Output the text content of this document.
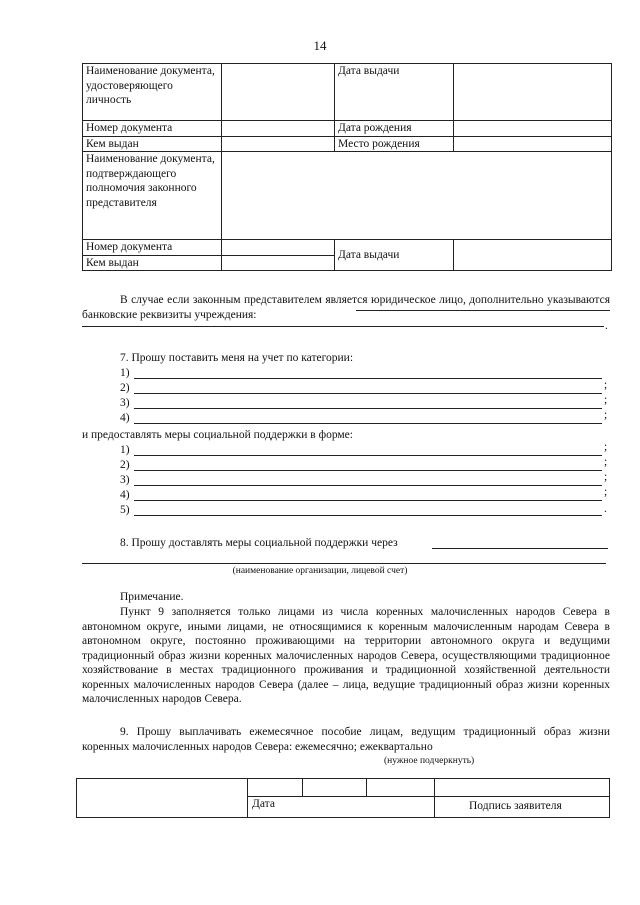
14
Наименование документа, удостоверяющего личность		Дата выдачи	
Номер документа		Дата рождения	
Кем выдан		Место рождения	
Наименование документа, подтверждающего полномочия законного представителя			
Номер документа		Дата выдачи	
Кем выдан			
В случае если законным представителем является юридическое лицо, дополнительно указываются банковские реквизиты учреждения:
.
7. Прошу поставить меня на учет по категории:
1)
2)	;
3)	;
4)	;
и предоставлять меры социальной поддержки в форме:
1)	;
2)	;
3)	;
4)	;
5)	.
8. Прошу доставлять меры социальной поддержки через
(наименование организации, лицевой счет)
Примечание.
Пункт 9 заполняется только лицами из числа коренных малочисленных народов Севера в автономном округе, иными лицами, не относящимися к коренным малочисленным народам Севера в автономном округе, постоянно проживающими на территории автономного округа и ведущими традиционный образ жизни коренных малочисленных народов Севера, осуществляющими традиционное хозяйствование в местах традиционного проживания и традиционной хозяйственной деятельности коренных малочисленных народов Севера (далее – лица, ведущие традиционный образ жизни коренных малочисленных народов Севера.
9. Прошу выплачивать ежемесячное пособие лицам, ведущим традиционный образ жизни коренных малочисленных народов Севера: ежемесячно; ежеквартально
(нужное подчеркнуть)
Дата	Подпись заявителя
